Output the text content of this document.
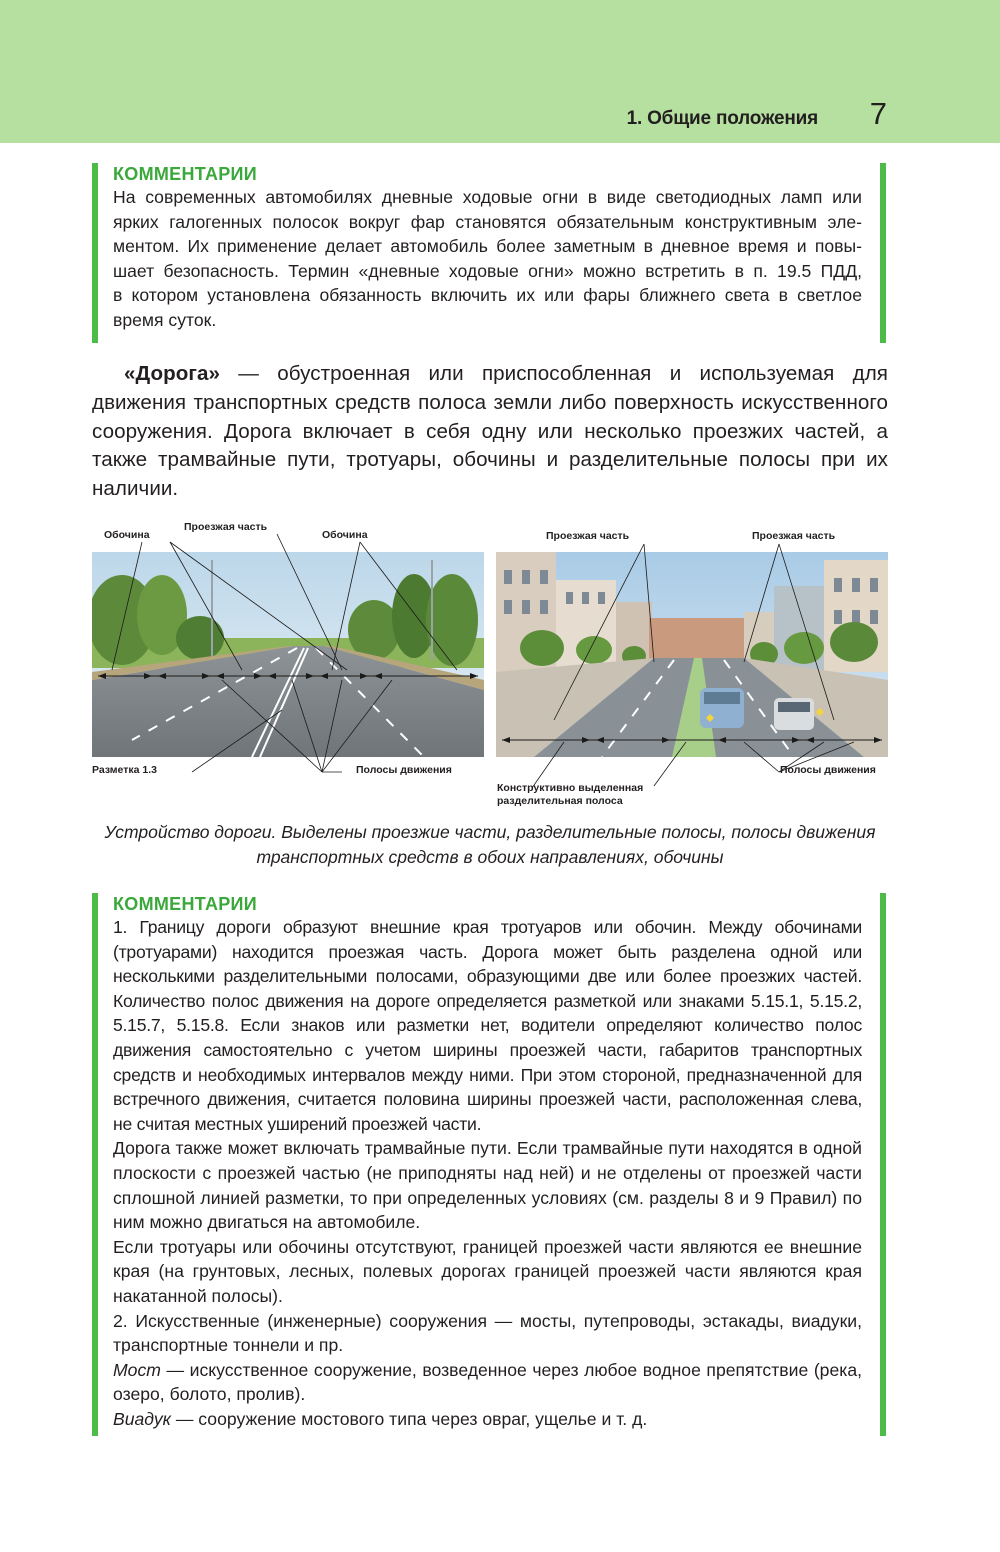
1. Общие положения 7
КОММЕНТАРИИ
На современных автомобилях дневные ходовые огни в виде светодиодных ламп или
ярких галогенных полосок вокруг фар становятся обязательным конструктивным эле-
ментом. Их применение делает автомобиль более заметным в дневное время и повы-
шает безопасность. Термин «дневные ходовые огни» можно встретить в п. 19.5 ПДД,
в котором установлена обязанность включить их или фары ближнего света в светлое
время суток.
«Дорога» — обустроенная или приспособленная и используемая для движения транспортных средств полоса земли либо поверхность искусственного сооружения. Дорога включает в себя одну или несколько проезжих частей, а также трамвайные пути, тротуары, обочины и разделительные полосы при их наличии.
Обочина
Проезжая часть
Обочина
Разметка 1.3	Полосы движения
Проезжая часть	Проезжая часть
Полосы движения
Конструктивно выделенная
разделительная полоса
Устройство дороги. Выделены проезжие части, разделительные полосы, полосы движения
транспортных средств в обоих направлениях, обочины
КОММЕНТАРИИ

1. Границу дороги образуют внешние края тротуаров или обочин. Между обочинами (тротуарами) находится проезжая часть. Дорога может быть разделена одной или несколькими разделительными полосами, образующими две или более проезжих частей. Количество полос движения на дороге определяется разметкой или знаками 5.15.1, 5.15.2, 5.15.7, 5.15.8. Если знаков или разметки нет, водители определяют количество полос движения самостоятельно с учетом ширины проезжей части, габаритов транспортных средств и необходимых интервалов между ними. При этом стороной, предназначенной для встречного движения, считается половина ширины проезжей части, расположенная слева, не считая местных уширений проезжей части.

Дорога также может включать трамвайные пути. Если трамвайные пути находятся в одной плоскости с проезжей частью (не приподняты над ней) и не отделены от проезжей части сплошной линией разметки, то при определенных условиях (см. разделы 8 и 9 Правил) по ним можно двигаться на автомобиле.

Если тротуары или обочины отсутствуют, границей проезжей части являются ее внешние края (на грунтовых, лесных, полевых дорогах границей проезжей части являются края накатанной полосы).

2. Искусственные (инженерные) сооружения — мосты, путепроводы, эстакады, виадуки, транспортные тоннели и пр.

Мост — искусственное сооружение, возведенное через любое водное препятствие (река, озеро, болото, пролив).

Виадук — сооружение мостового типа через овраг, ущелье и т. д.
